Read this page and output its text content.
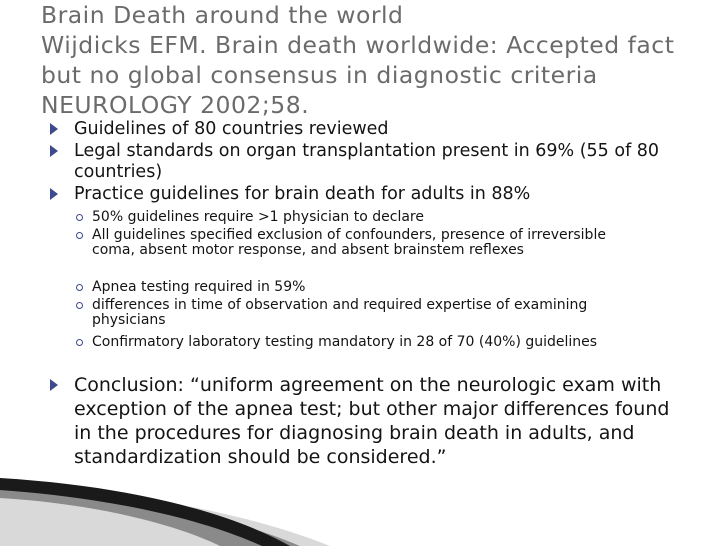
Brain Death around the world
Wijdicks EFM. Brain death worldwide: Accepted fact
but no global consensus in diagnostic criteria
NEUROLOGY 2002;58.
Guidelines of 80 countries reviewed
Legal standards on organ transplantation present in 69% (55 of 80 countries)
Practice guidelines for brain death for adults in 88%
50% guidelines require >1 physician to declare
All guidelines specified exclusion of confounders, presence of irreversible coma, absent motor response, and absent brainstem reflexes
Apnea testing required in 59%
differences in time of observation and required expertise of examining physicians
Confirmatory laboratory testing mandatory in 28 of 70 (40%) guidelines
Conclusion: “uniform agreement on the neurologic exam with exception of the apnea test; but other major differences found in the procedures for diagnosing brain death in adults, and standardization should be considered.”
